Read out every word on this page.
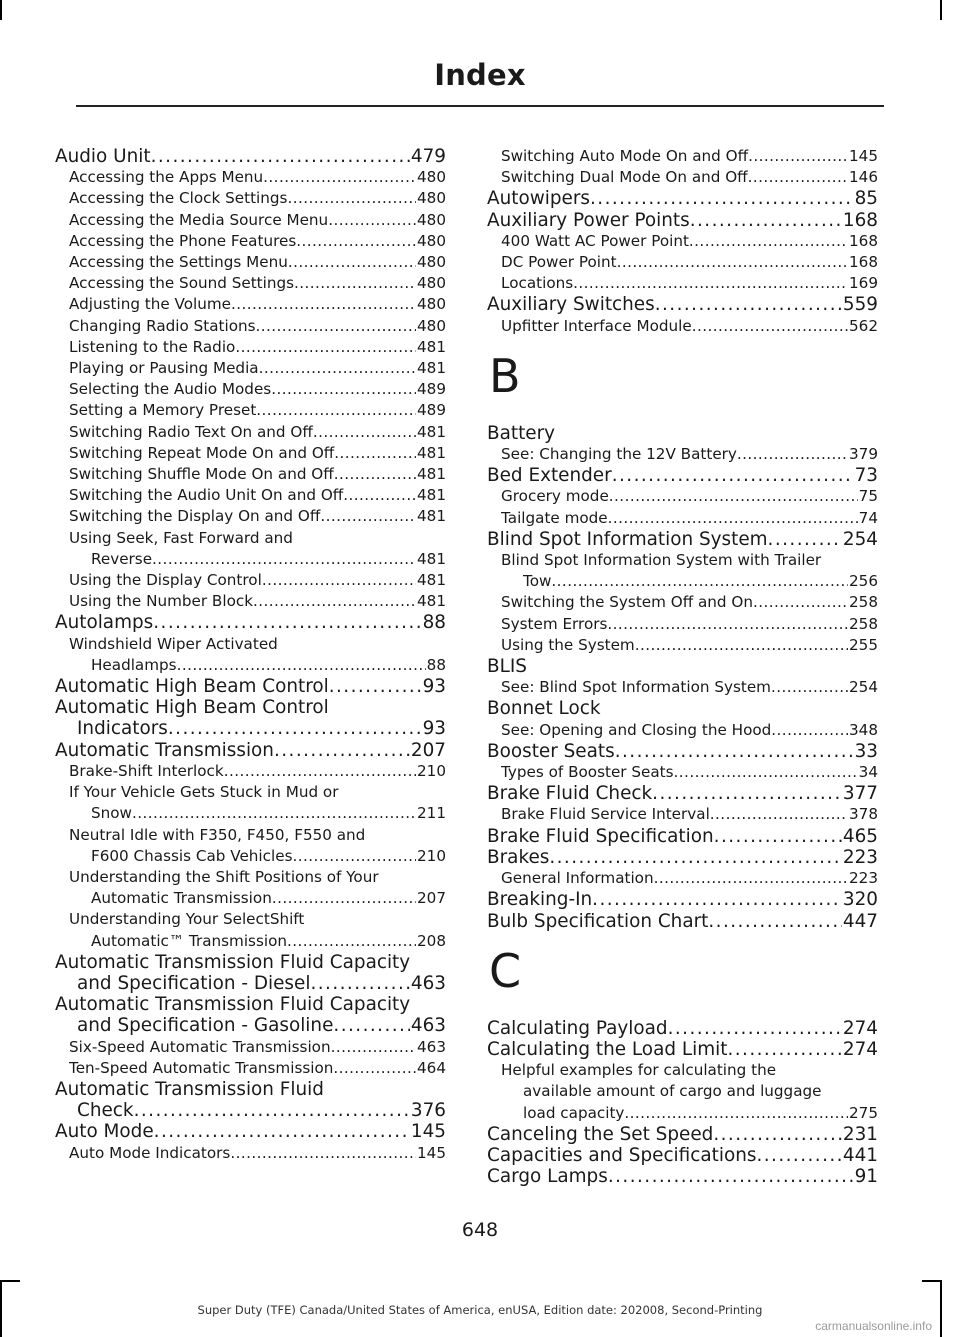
Index
Audio Unit . . .	479
Accessing the Apps Menu . . .	480
Accessing the Clock Settings . . .	480
Accessing the Media Source Menu . . .	480
Accessing the Phone Features . . .	480
Accessing the Settings Menu . . .	480
Accessing the Sound Settings . . .	480
Adjusting the Volume . . .	480
Changing Radio Stations . . .	480
Listening to the Radio . . .	481
Playing or Pausing Media . . .	481
Selecting the Audio Modes . . .	489
Setting a Memory Preset . . .	489
Switching Radio Text On and Off . . .	481
Switching Repeat Mode On and Off . . .	481
Switching Shuffle Mode On and Off . . .	481
Switching the Audio Unit On and Off . . .	481
Switching the Display On and Off . . .	481
Using Seek, Fast Forward and
Reverse . . .	481
Using the Display Control . . .	481
Using the Number Block . . .	481
Autolamps . . .	88
Windshield Wiper Activated
Headlamps . . .	88
Automatic High Beam Control . . .	93
Automatic High Beam Control
Indicators . . .	93
Automatic Transmission . . .	207
Brake-Shift Interlock . . .	210
If Your Vehicle Gets Stuck in Mud or
Snow . . .	211
Neutral Idle with F350, F450, F550 and
F600 Chassis Cab Vehicles . . .	210
Understanding the Shift Positions of Your
Automatic Transmission . . .	207
Understanding Your SelectShift
Automatic™ Transmission . . .	208
Automatic Transmission Fluid Capacity
and Specification - Diesel . . .	463
Automatic Transmission Fluid Capacity
and Specification - Gasoline . . .	463
Six-Speed Automatic Transmission . . .	463
Ten-Speed Automatic Transmission . . .	464
Automatic Transmission Fluid
Check . . .	376
Auto Mode . . .	145
Auto Mode Indicators . . .	145
Switching Auto Mode On and Off . . .	145
Switching Dual Mode On and Off . . .	146
Autowipers . . .	85
Auxiliary Power Points . . .	168
400 Watt AC Power Point . . .	168
DC Power Point . . .	168
Locations . . .	169
Auxiliary Switches . . .	559
Upfitter Interface Module . . .	562
B
Battery
See: Changing the 12V Battery . . .	379
Bed Extender . . .	73
Grocery mode . . .	75
Tailgate mode . . .	74
Blind Spot Information System . . .	254
Blind Spot Information System with Trailer
Tow . . .	256
Switching the System Off and On . . .	258
System Errors . . .	258
Using the System . . .	255
BLIS
See: Blind Spot Information System . . .	254
Bonnet Lock
See: Opening and Closing the Hood . . .	348
Booster Seats . . .	33
Types of Booster Seats . . .	34
Brake Fluid Check . . .	377
Brake Fluid Service Interval . . .	378
Brake Fluid Specification . . .	465
Brakes . . .	223
General Information . . .	223
Breaking-In . . .	320
Bulb Specification Chart . . .	447
C
Calculating Payload . . .	274
Calculating the Load Limit . . .	274
Helpful examples for calculating the
available amount of cargo and luggage
load capacity . . .	275
Canceling the Set Speed . . .	231
Capacities and Specifications . . .	441
Cargo Lamps . . .	91
648
Super Duty (TFE) Canada/United States of America, enUSA, Edition date: 202008, Second-Printing
carmanualsonline.info
